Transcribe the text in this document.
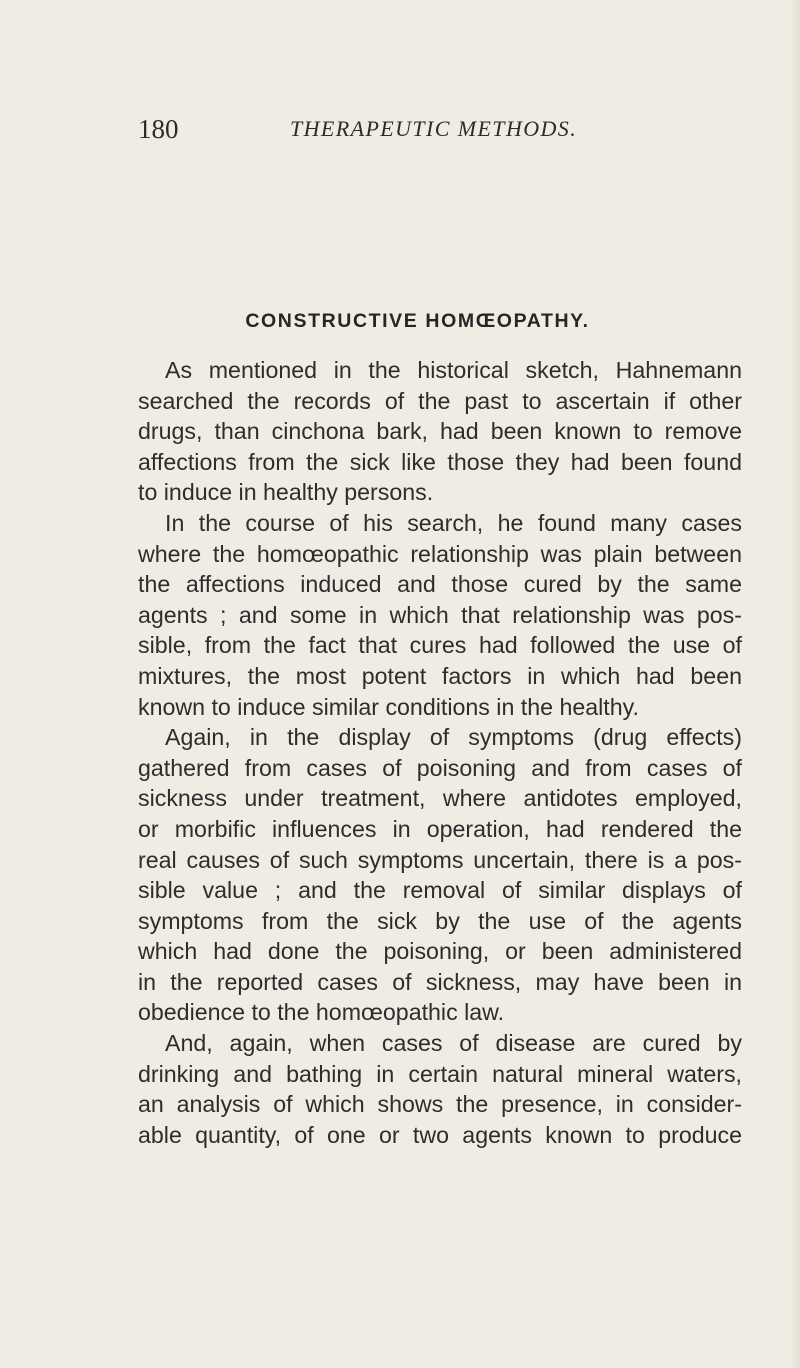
180	THERAPEUTIC METHODS.
CONSTRUCTIVE HOMŒOPATHY.
As mentioned in the historical sketch, Hahnemann
searched the records of the past to ascertain if other
drugs, than cinchona bark, had been known to remove
affections from the sick like those they had been found
to induce in healthy persons.
In the course of his search, he found many cases
where the homœopathic relationship was plain between
the affections induced and those cured by the same
agents ; and some in which that relationship was pos-
sible, from the fact that cures had followed the use of
mixtures, the most potent factors in which had been
known to induce similar conditions in the healthy.
Again, in the display of symptoms (drug effects)
gathered from cases of poisoning and from cases of
sickness under treatment, where antidotes employed,
or morbific influences in operation, had rendered the
real causes of such symptoms uncertain, there is a pos-
sible value ; and the removal of similar displays of
symptoms from the sick by the use of the agents
which had done the poisoning, or been administered
in the reported cases of sickness, may have been in
obedience to the homœopathic law.
And, again, when cases of disease are cured by
drinking and bathing in certain natural mineral waters,
an analysis of which shows the presence, in consider-
able quantity, of one or two agents known to produce
